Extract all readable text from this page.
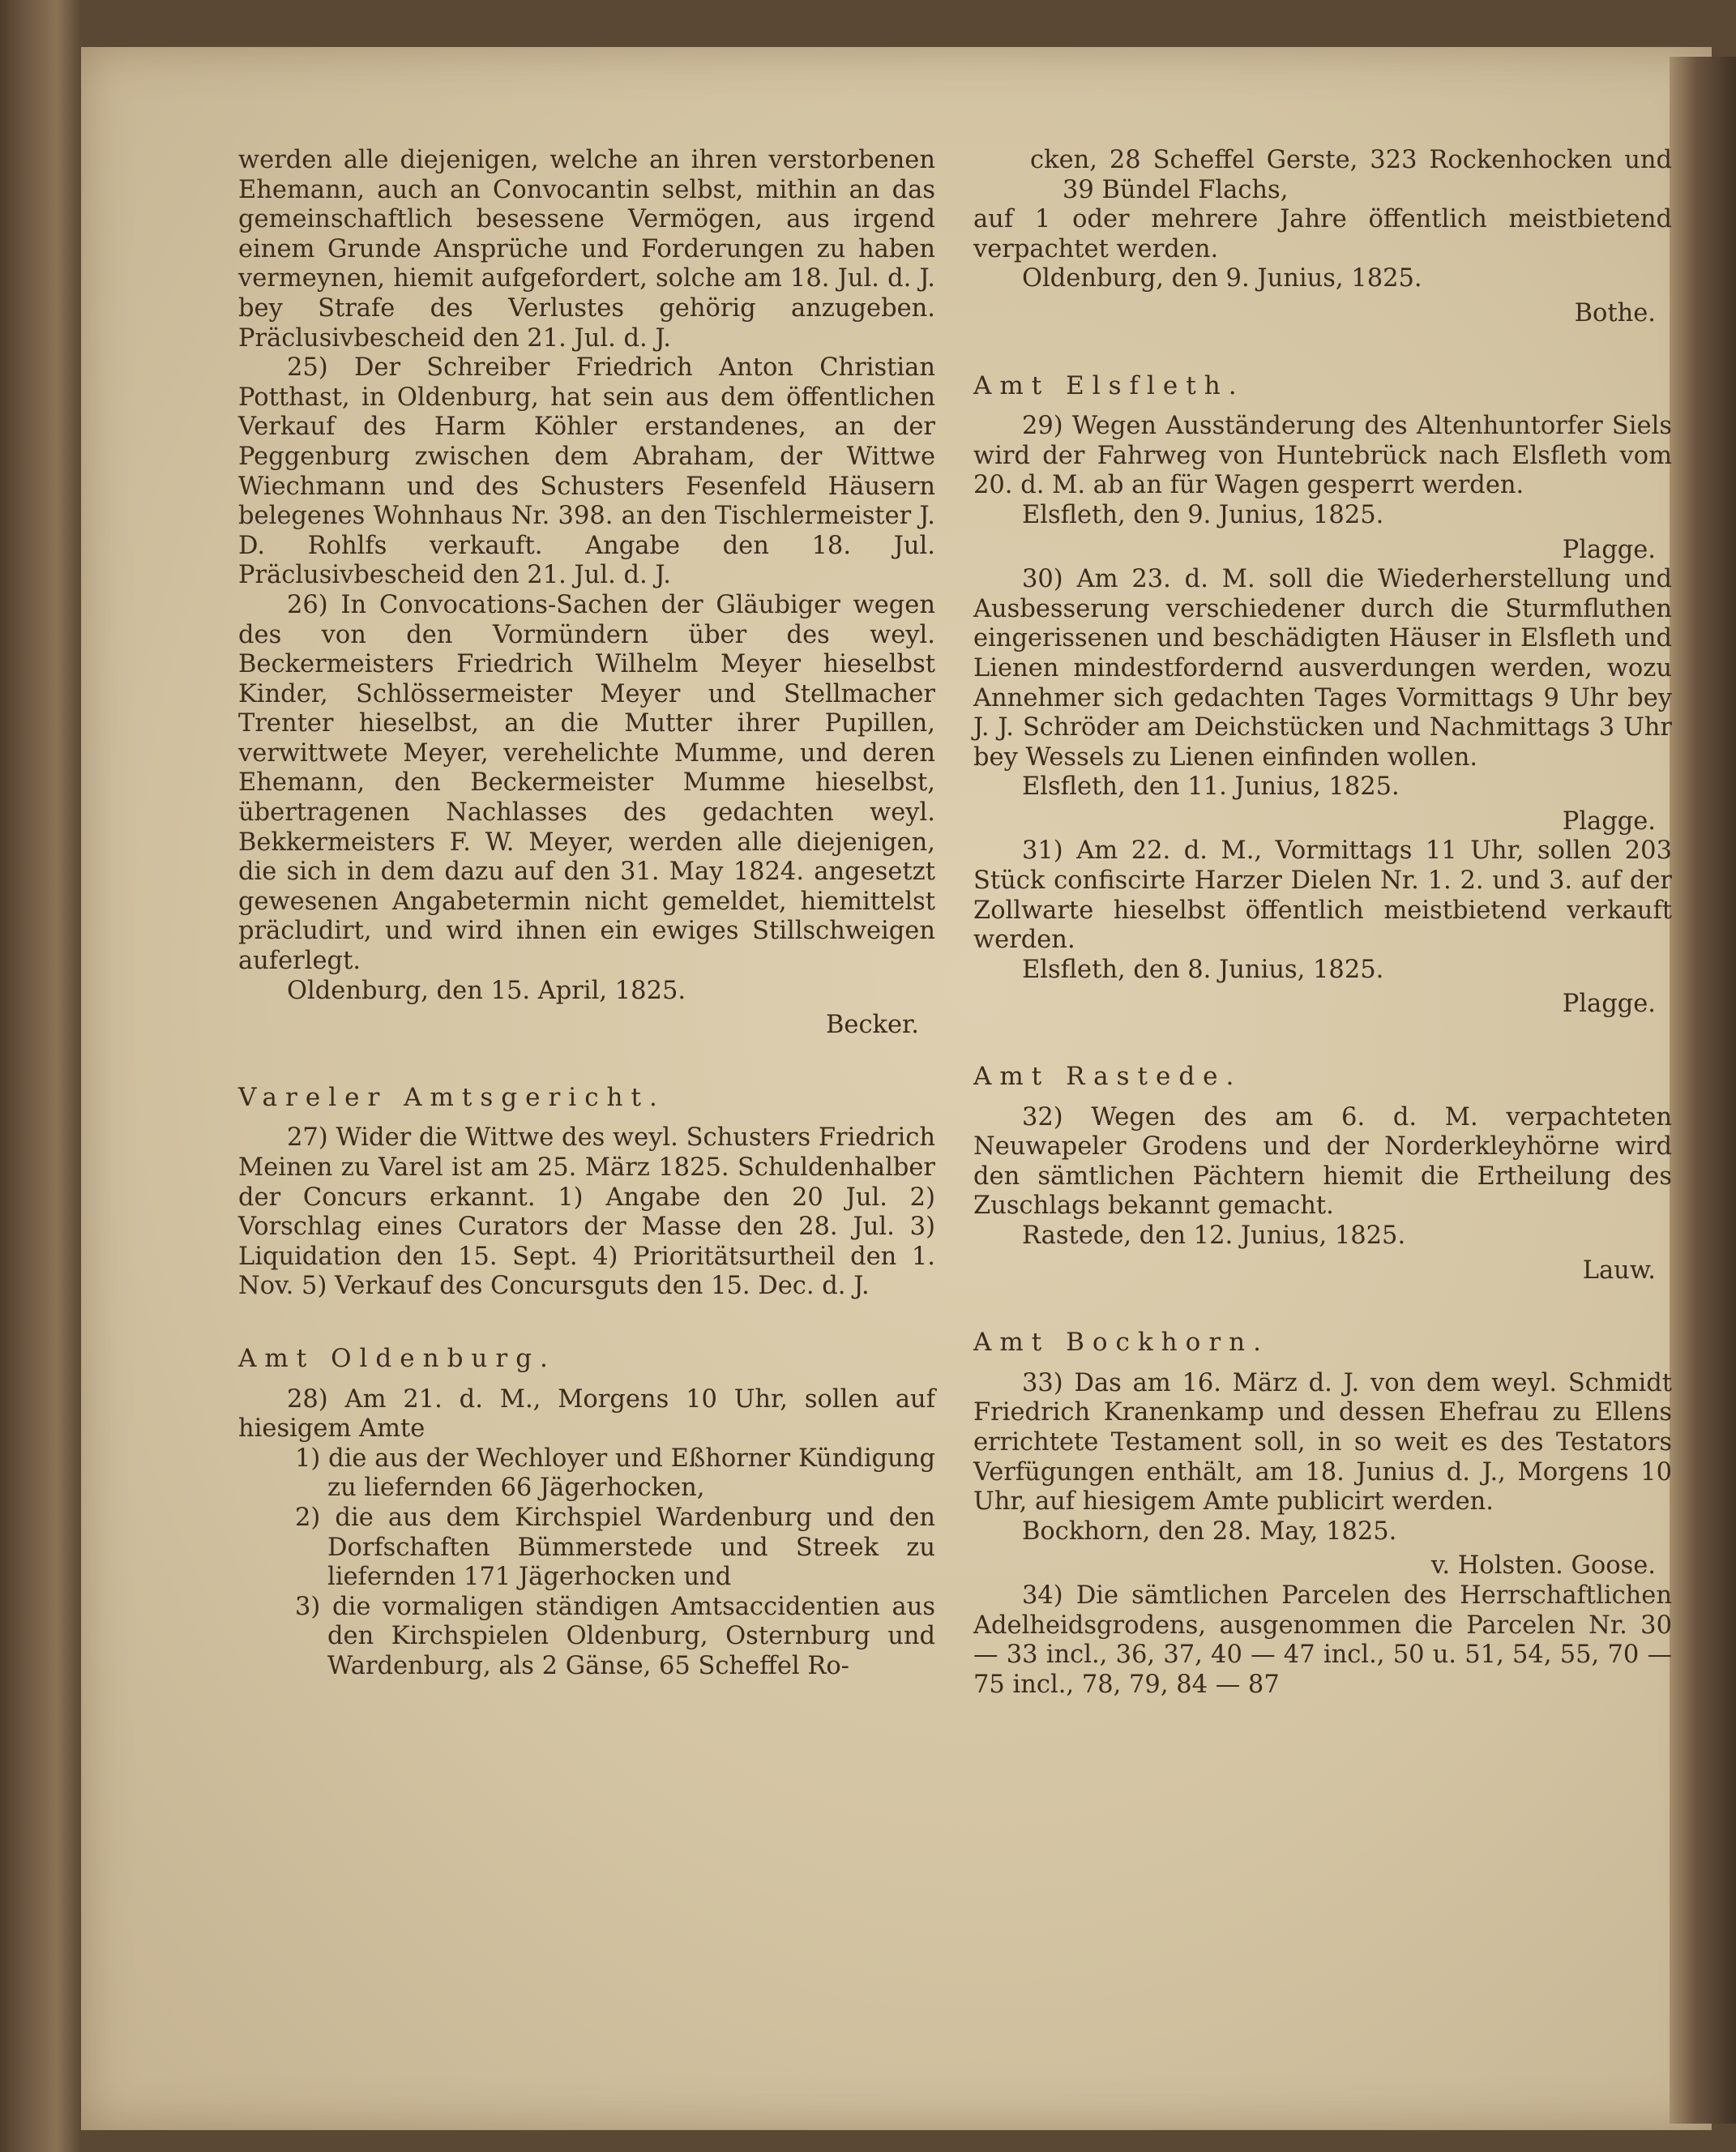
werden alle diejenigen, welche an ihren verstorbenen Ehemann, auch an Convocantin selbst, mithin an das gemeinschaftlich besessene Vermögen, aus irgend einem Grunde Ansprüche und Forderungen zu haben vermeynen, hiemit aufgefordert, solche am 18. Jul. d. J. bey Strafe des Verlustes gehörig anzugeben. Präclusivbescheid den 21. Jul. d. J.

25) Der Schreiber Friedrich Anton Christian Potthast, in Oldenburg, hat sein aus dem öffentlichen Verkauf des Harm Köhler erstandenes, an der Peggenburg zwischen dem Abraham, der Wittwe Wiechmann und des Schusters Fesenfeld Häusern belegenes Wohnhaus Nr. 398. an den Tischlermeister J. D. Rohlfs verkauft. Angabe den 18. Jul. Präclusivbescheid den 21. Jul. d. J.

26) In Convocations-Sachen der Gläubiger wegen des von den Vormündern über des weyl. Beckermeisters Friedrich Wilhelm Meyer hieselbst Kinder, Schlössermeister Meyer und Stellmacher Trenter hieselbst, an die Mutter ihrer Pupillen, verwittwete Meyer, verehelichte Mumme, und deren Ehemann, den Beckermeister Mumme hieselbst, übertragenen Nachlasses des gedachten weyl. Bekkermeisters F. W. Meyer, werden alle diejenigen, die sich in dem dazu auf den 31. May 1824. angesetzt gewesenen Angabetermin nicht gemeldet, hiemittelst präcludirt, und wird ihnen ein ewiges Stillschweigen auferlegt.

Oldenburg, den 15. April, 1825.

Becker.

Vareler Amtsgericht.

27) Wider die Wittwe des weyl. Schusters Friedrich Meinen zu Varel ist am 25. März 1825. Schuldenhalber der Concurs erkannt. 1) Angabe den 20 Jul. 2) Vorschlag eines Curators der Masse den 28. Jul. 3) Liquidation den 15. Sept. 4) Prioritätsurtheil den 1. Nov. 5) Verkauf des Concursguts den 15. Dec. d. J.

Amt Oldenburg.

28) Am 21. d. M., Morgens 10 Uhr, sollen auf hiesigem Amte

1) die aus der Wechloyer und Eßhorner Kündigung zu liefernden 66 Jägerhocken,

2) die aus dem Kirchspiel Wardenburg und den Dorfschaften Bümmerstede und Streek zu liefernden 171 Jägerhocken und

3) die vormaligen ständigen Amtsaccidentien aus den Kirchspielen Oldenburg, Osternburg und Wardenburg, als 2 Gänse, 65 Scheffel Ro-

cken, 28 Scheffel Gerste, 323 Rockenhocken und 39 Bündel Flachs,

auf 1 oder mehrere Jahre öffentlich meistbietend verpachtet werden.

Oldenburg, den 9. Junius, 1825.

Bothe.

Amt Elsfleth.

29) Wegen Ausständerung des Altenhuntorfer Siels wird der Fahrweg von Huntebrück nach Elsfleth vom 20. d. M. ab an für Wagen gesperrt werden.

Elsfleth, den 9. Junius, 1825.

Plagge.

30) Am 23. d. M. soll die Wiederherstellung und Ausbesserung verschiedener durch die Sturmfluthen eingerissenen und beschädigten Häuser in Elsfleth und Lienen mindestfordernd ausverdungen werden, wozu Annehmer sich gedachten Tages Vormittags 9 Uhr bey J. J. Schröder am Deichstücken und Nachmittags 3 Uhr bey Wessels zu Lienen einfinden wollen.

Elsfleth, den 11. Junius, 1825.

Plagge.

31) Am 22. d. M., Vormittags 11 Uhr, sollen 203 Stück confiscirte Harzer Dielen Nr. 1. 2. und 3. auf der Zollwarte hieselbst öffentlich meistbietend verkauft werden.

Elsfleth, den 8. Junius, 1825.

Plagge.

Amt Rastede.

32) Wegen des am 6. d. M. verpachteten Neuwapeler Grodens und der Norderkleyhörne wird den sämtlichen Pächtern hiemit die Ertheilung des Zuschlags bekannt gemacht.

Rastede, den 12. Junius, 1825.

Lauw.

Amt Bockhorn.

33) Das am 16. März d. J. von dem weyl. Schmidt Friedrich Kranenkamp und dessen Ehefrau zu Ellens errichtete Testament soll, in so weit es des Testators Verfügungen enthält, am 18. Junius d. J., Morgens 10 Uhr, auf hiesigem Amte publicirt werden.

Bockhorn, den 28. May, 1825.

v. Holsten. Goose.

34) Die sämtlichen Parcelen des Herrschaftlichen Adelheidsgrodens, ausgenommen die Parcelen Nr. 30 — 33 incl., 36, 37, 40 — 47 incl., 50 u. 51, 54, 55, 70 — 75 incl., 78, 79, 84 — 87
